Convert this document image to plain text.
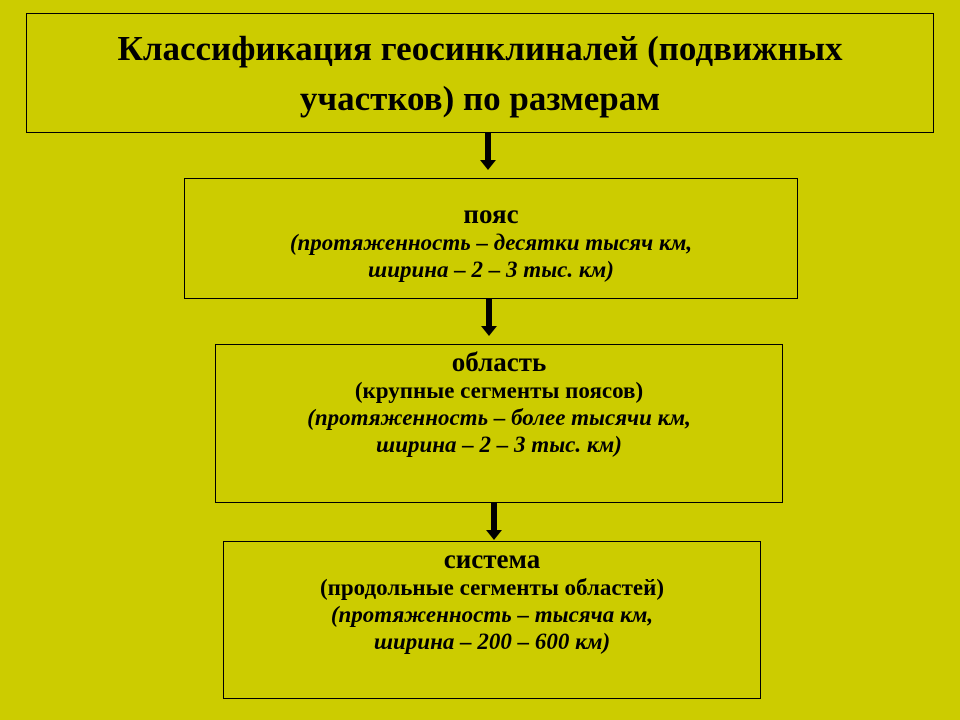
Классификация геосинклиналей (подвижных
участков) по размерам
пояс
(протяженность – десятки тысяч км,
ширина – 2 – 3 тыс. км)
область
(крупные сегменты поясов)
(протяженность – более тысячи км,
ширина – 2 – 3 тыс. км)
система
(продольные сегменты областей)
(протяженность – тысяча км,
ширина – 200 – 600 км)
